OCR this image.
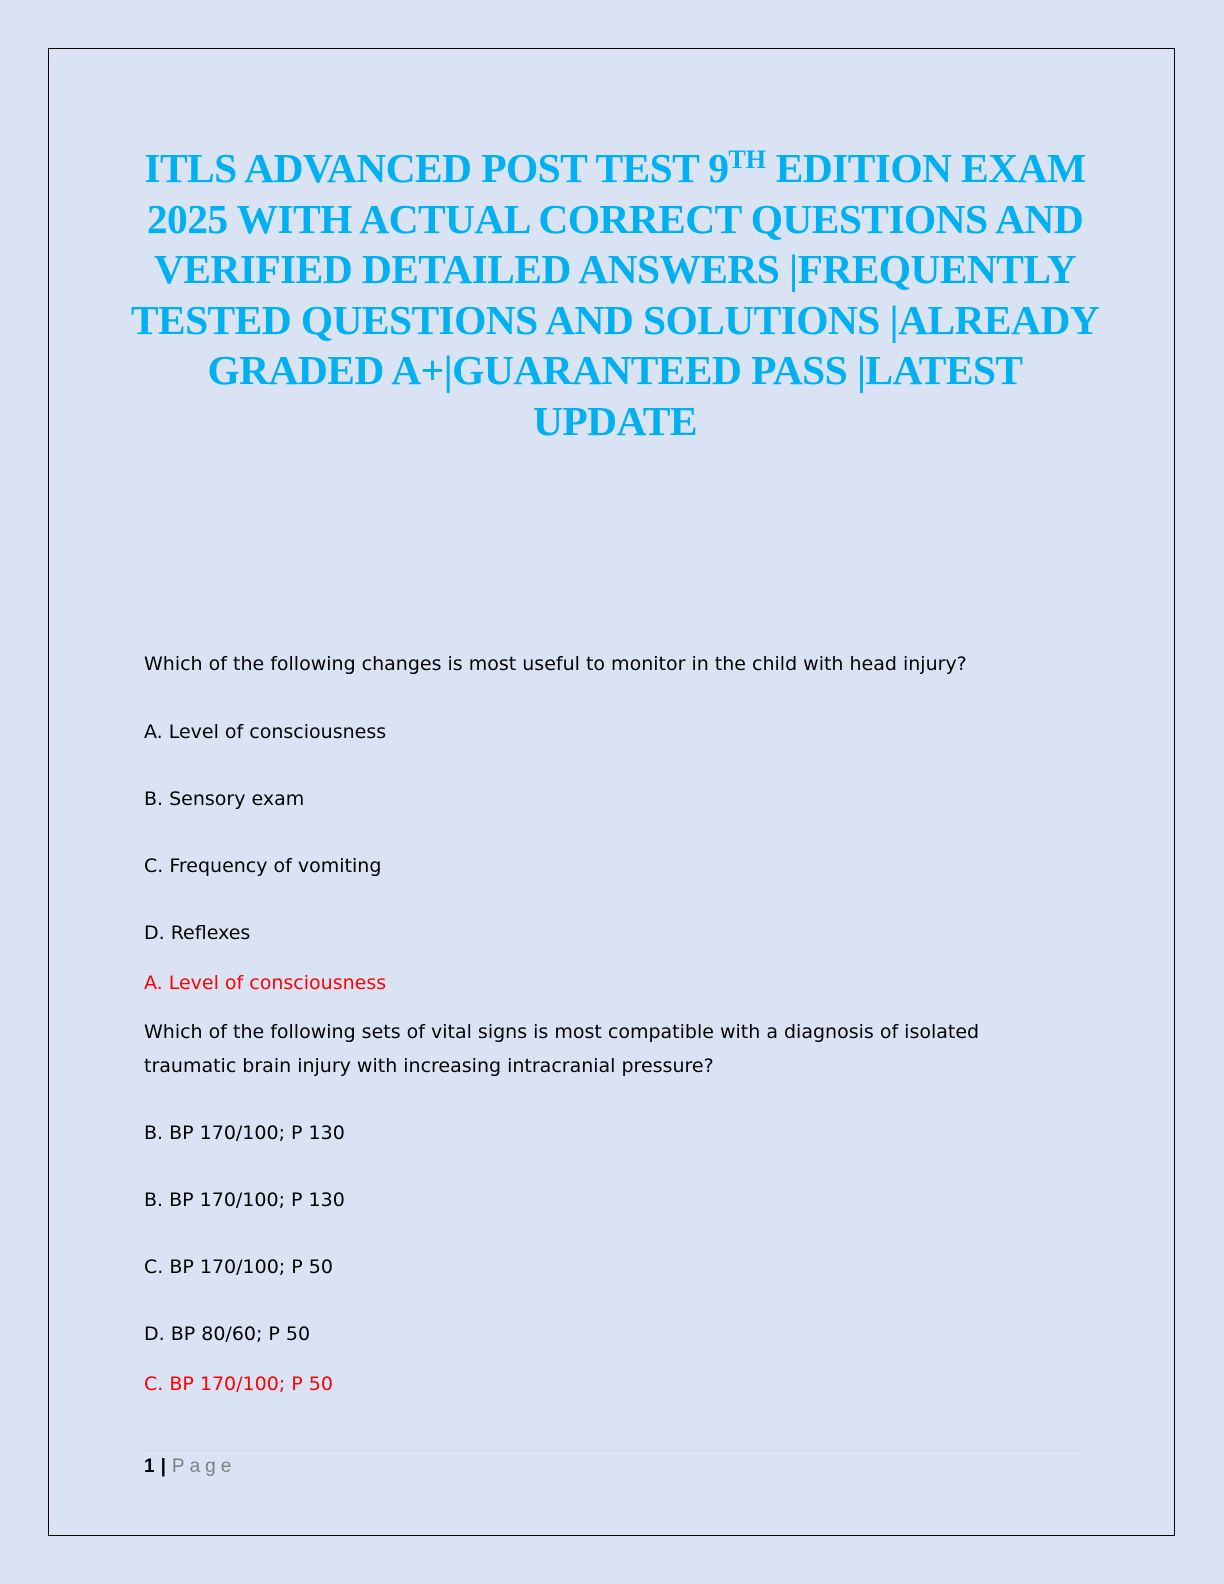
ITLS ADVANCED POST TEST 9TH EDITION EXAM 2025 WITH ACTUAL CORRECT QUESTIONS AND VERIFIED DETAILED ANSWERS |FREQUENTLY TESTED QUESTIONS AND SOLUTIONS |ALREADY GRADED A+|GUARANTEED PASS |LATEST UPDATE
Which of the following changes is most useful to monitor in the child with head injury?
A. Level of consciousness
B. Sensory exam
C. Frequency of vomiting
D. Reflexes
A. Level of consciousness
Which of the following sets of vital signs is most compatible with a diagnosis of isolated traumatic brain injury with increasing intracranial pressure?
B. BP 170/100; P 130
B. BP 170/100; P 130
C. BP 170/100; P 50
D. BP 80/60; P 50
C. BP 170/100; P 50
1 | Page
